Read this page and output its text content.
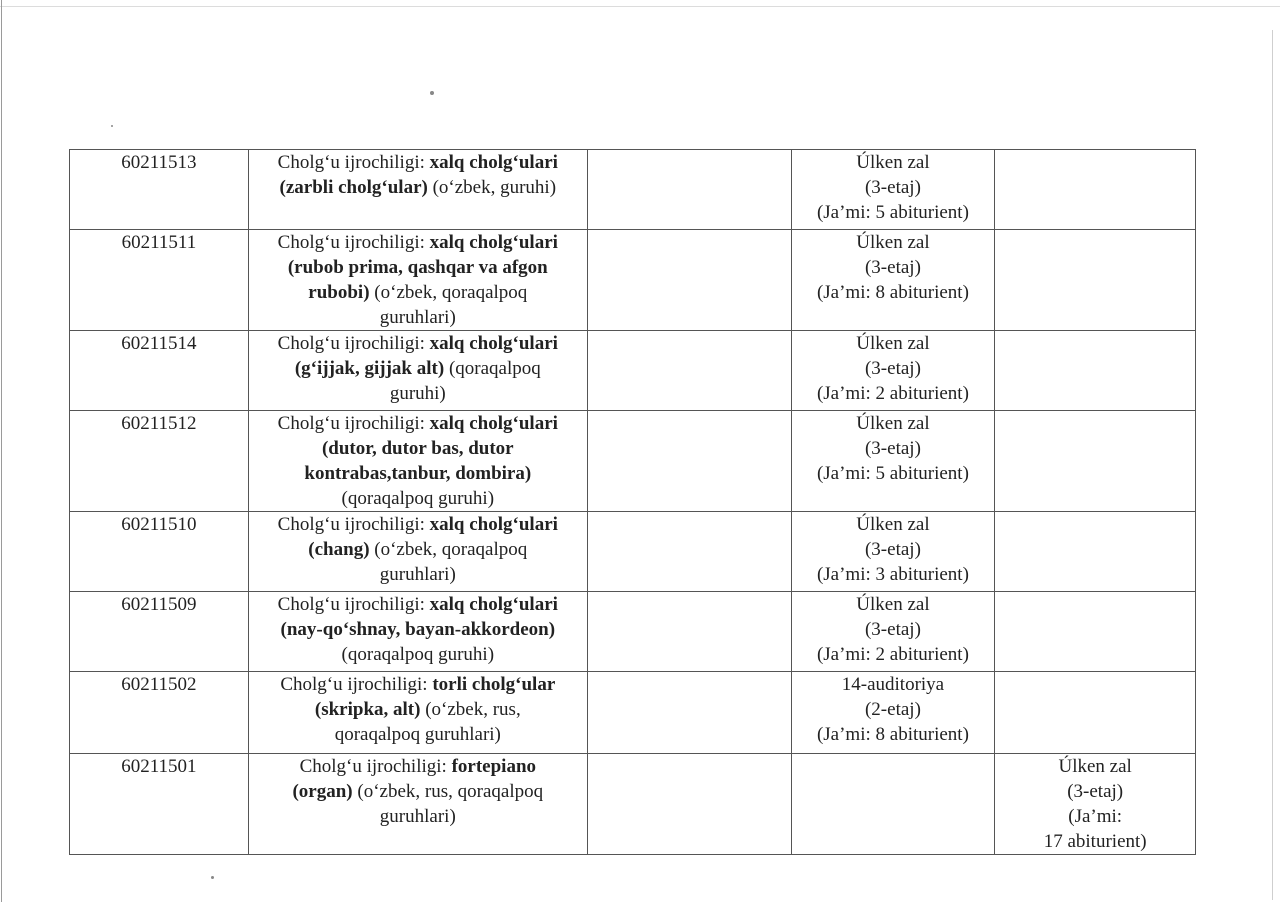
60211513	Cholg‘u ijrochiligi: xalq cholg‘ulari
(zarbli cholg‘ular) (o‘zbek, guruhi)		Úlken zal
(3-etaj)
(Ja’mi: 5 abiturient)	

60211511	Cholg‘u ijrochiligi: xalq cholg‘ulari
(rubob prima, qashqar va afgon
rubobi) (o‘zbek, qoraqalpoq
guruhlari)		Úlken zal
(3-etaj)
(Ja’mi: 8 abiturient)	

60211514	Cholg‘u ijrochiligi: xalq cholg‘ulari
(g‘ijjak, gijjak alt) (qoraqalpoq
guruhi)		Úlken zal
(3-etaj)
(Ja’mi: 2 abiturient)	

60211512	Cholg‘u ijrochiligi: xalq cholg‘ulari
(dutor, dutor bas, dutor
kontrabas,tanbur, dombira)
(qoraqalpoq guruhi)		Úlken zal
(3-etaj)
(Ja’mi: 5 abiturient)	

60211510	Cholg‘u ijrochiligi: xalq cholg‘ulari
(chang) (o‘zbek, qoraqalpoq
guruhlari)		Úlken zal
(3-etaj)
(Ja’mi: 3 abiturient)	

60211509	Cholg‘u ijrochiligi: xalq cholg‘ulari
(nay-qo‘shnay, bayan-akkordeon)
(qoraqalpoq guruhi)		Úlken zal
(3-etaj)
(Ja’mi: 2 abiturient)	

60211502	Cholg‘u ijrochiligi: torli cholg‘ular
(skripka, alt) (o‘zbek, rus,
qoraqalpoq guruhlari)		14-auditoriya
(2-etaj)
(Ja’mi: 8 abiturient)	

60211501	Cholg‘u ijrochiligi: fortepiano
(organ) (o‘zbek, rus, qoraqalpoq
guruhlari)			Úlken zal
(3-etaj)
(Ja’mi:
17 abiturient)
